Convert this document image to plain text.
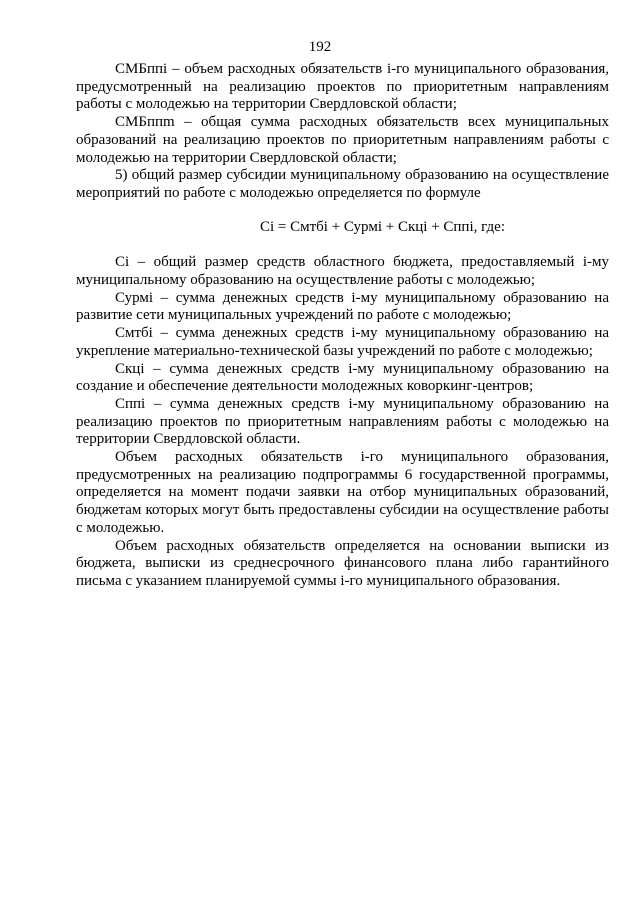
192

СМБппi – объем расходных обязательств i-го муниципального образования, предусмотренный на реализацию проектов по приоритетным направлениям работы с молодежью на территории Свердловской области;

СМБппm – общая сумма расходных обязательств всех муниципальных образований на реализацию проектов по приоритетным направлениям работы с молодежью на территории Свердловской области;

5) общий размер субсидии муниципальному образованию на осуществление мероприятий по работе с молодежью определяется по формуле

Сi = Смтбi + Сурмi + Скцi + Сппi, где:

Сi – общий размер средств областного бюджета, предоставляемый i-му муниципальному образованию на осуществление работы с молодежью;

Сурмi – сумма денежных средств i-му муниципальному образованию на развитие сети муниципальных учреждений по работе с молодежью;

Смтбi – сумма денежных средств i-му муниципальному образованию на укрепление материально-технической базы учреждений по работе с молодежью;

Скцi – сумма денежных средств i-му муниципальному образованию на создание и обеспечение деятельности молодежных коворкинг-центров;

Сппi – сумма денежных средств i-му муниципальному образованию на реализацию проектов по приоритетным направлениям работы с молодежью на территории Свердловской области.

Объем расходных обязательств i-го муниципального образования, предусмотренных на реализацию подпрограммы 6 государственной программы, определяется на момент подачи заявки на отбор муниципальных образований, бюджетам которых могут быть предоставлены субсидии на осуществление работы с молодежью.

Объем расходных обязательств определяется на основании выписки из бюджета, выписки из среднесрочного финансового плана либо гарантийного письма с указанием планируемой суммы i-го муниципального образования.
